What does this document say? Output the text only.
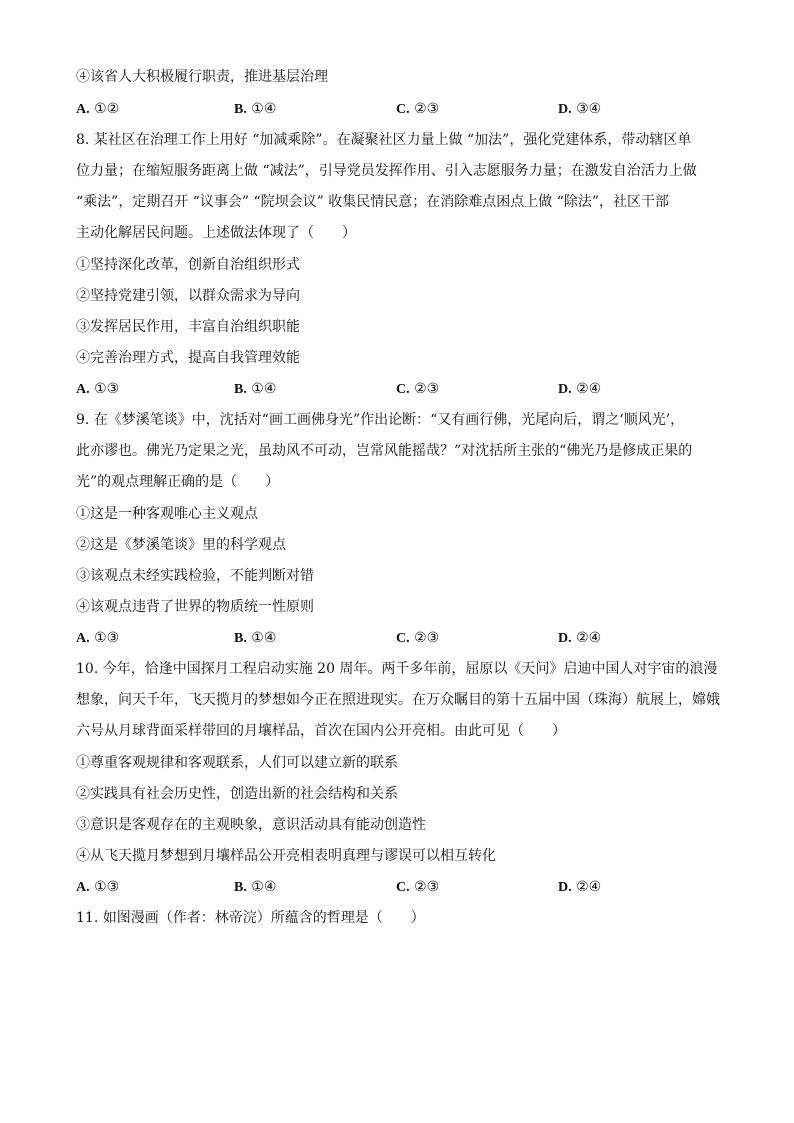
④该省人大积极履行职责，推进基层治理
A. ①②	B. ①④	C. ②③	D. ③④
8. 某社区在治理工作上用好 “加减乘除”。在凝聚社区力量上做 “加法”，强化党建体系，带动辖区单
位力量；在缩短服务距离上做 “减法”，引导党员发挥作用、引入志愿服务力量；在激发自治活力上做
“乘法”，定期召开 “议事会” “院坝会议” 收集民情民意；在消除难点困点上做 “除法”，社区干部
主动化解居民问题。上述做法体现了（　　）
①坚持深化改革，创新自治组织形式
②坚持党建引领，以群众需求为导向
③发挥居民作用，丰富自治组织职能
④完善治理方式，提高自我管理效能
A. ①③	B. ①④	C. ②③	D. ②④
9. 在《梦溪笔谈》中，沈括对“画工画佛身光”作出论断：“又有画行佛，光尾向后，谓之‘顺风光’，
此亦谬也。佛光乃定果之光，虽劫风不可动，岂常风能摇哉？”对沈括所主张的“佛光乃是修成正果的
光”的观点理解正确的是（　　）
①这是一种客观唯心主义观点
②这是《梦溪笔谈》里的科学观点
③该观点未经实践检验，不能判断对错
④该观点违背了世界的物质统一性原则
A. ①③	B. ①④	C. ②③	D. ②④
10. 今年，恰逢中国探月工程启动实施 20 周年。两千多年前，屈原以《天问》启迪中国人对宇宙的浪漫
想象，问天千年，飞天揽月的梦想如今正在照进现实。在万众瞩目的第十五届中国（珠海）航展上，嫦娥
六号从月球背面采样带回的月壤样品，首次在国内公开亮相。由此可见（　　）
①尊重客观规律和客观联系，人们可以建立新的联系
②实践具有社会历史性，创造出新的社会结构和关系
③意识是客观存在的主观映象，意识活动具有能动创造性
④从飞天揽月梦想到月壤样品公开亮相表明真理与谬误可以相互转化
A. ①③	B. ①④	C. ②③	D. ②④
11. 如图漫画（作者：林帝浣）所蕴含的哲理是（　　）
